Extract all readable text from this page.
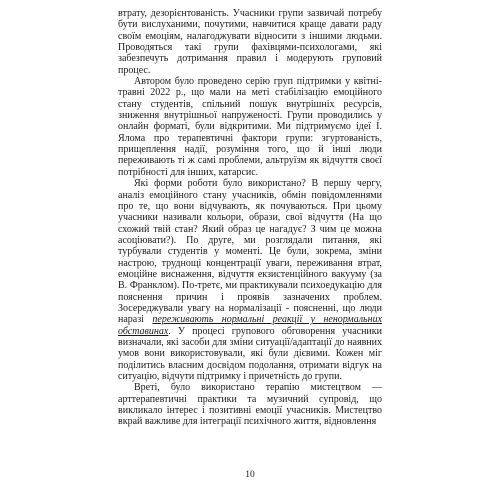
втрату, дезорієнтованість. Учасники групи зазвичай потребу бути вислуханими, почутими, навчитися краще давати раду своїм емоціям, налагоджувати відносити з іншими людьми. Проводяться такі групи фахівцями-психологами, які забезпечуть дотримання правил і модерують груповий процес.

Автором було проведено серію груп підтримки у квітні-травні 2022 р., що мали на меті стабілізацію емоційного стану студентів, спільний пошук внутрішніх ресурсів, зниження внутрішньої напруженості. Групи проводились у онлайн форматі, були відкритими. Ми підтримуємо ідеї І. Ялома про терапевтичні фактори групи: згуртованість, прищеплення надії, розуміння того, що й інші люди переживають ті ж самі проблеми, альтруїзм як відчуття своєї потрібності для інших, катарсис.

Які форми роботи було використано? В першу чергу, аналіз емоційного стану учасників, обмін повідомленнями про те, що вони відчувають, як почуваються. При цьому учасники називали кольори, образи, свої відчуття (На що схожий твій стан? Який образ це нагадує? З чим це можна асоціювати?). По друге, ми розглядали питання, які турбували студентів у моменті. Це були, зокрема, зміни настрою, труднощі концентрації уваги, переживання втрат, емоційне виснаження, відчуття екзистенційного вакууму (за В. Франклом). По-третє, ми практикували психоедукацію для пояснення причин і проявів зазначених проблем. Зосереджували увагу на нормалізації - поясненні, що люди наразі переживають нормальні реакції у ненормальних обставинах. У процесі групового обговорення учасники визначали, які засоби для зміни ситуації/адаптації до наявних умов вони використовували, які були дієвими. Кожен міг поділитись власним досвідом подолання, отримати відгук на ситуацію, відчути підтримку і причетність до групи.

Вреті, було використано терапію мистецтвом — арттерапевтичні практики та музичний супровід, що викликало інтерес і позитивні емоції учасників. Мистецтво вкрай важливе для інтеграції психічного життя, відновлення

10
